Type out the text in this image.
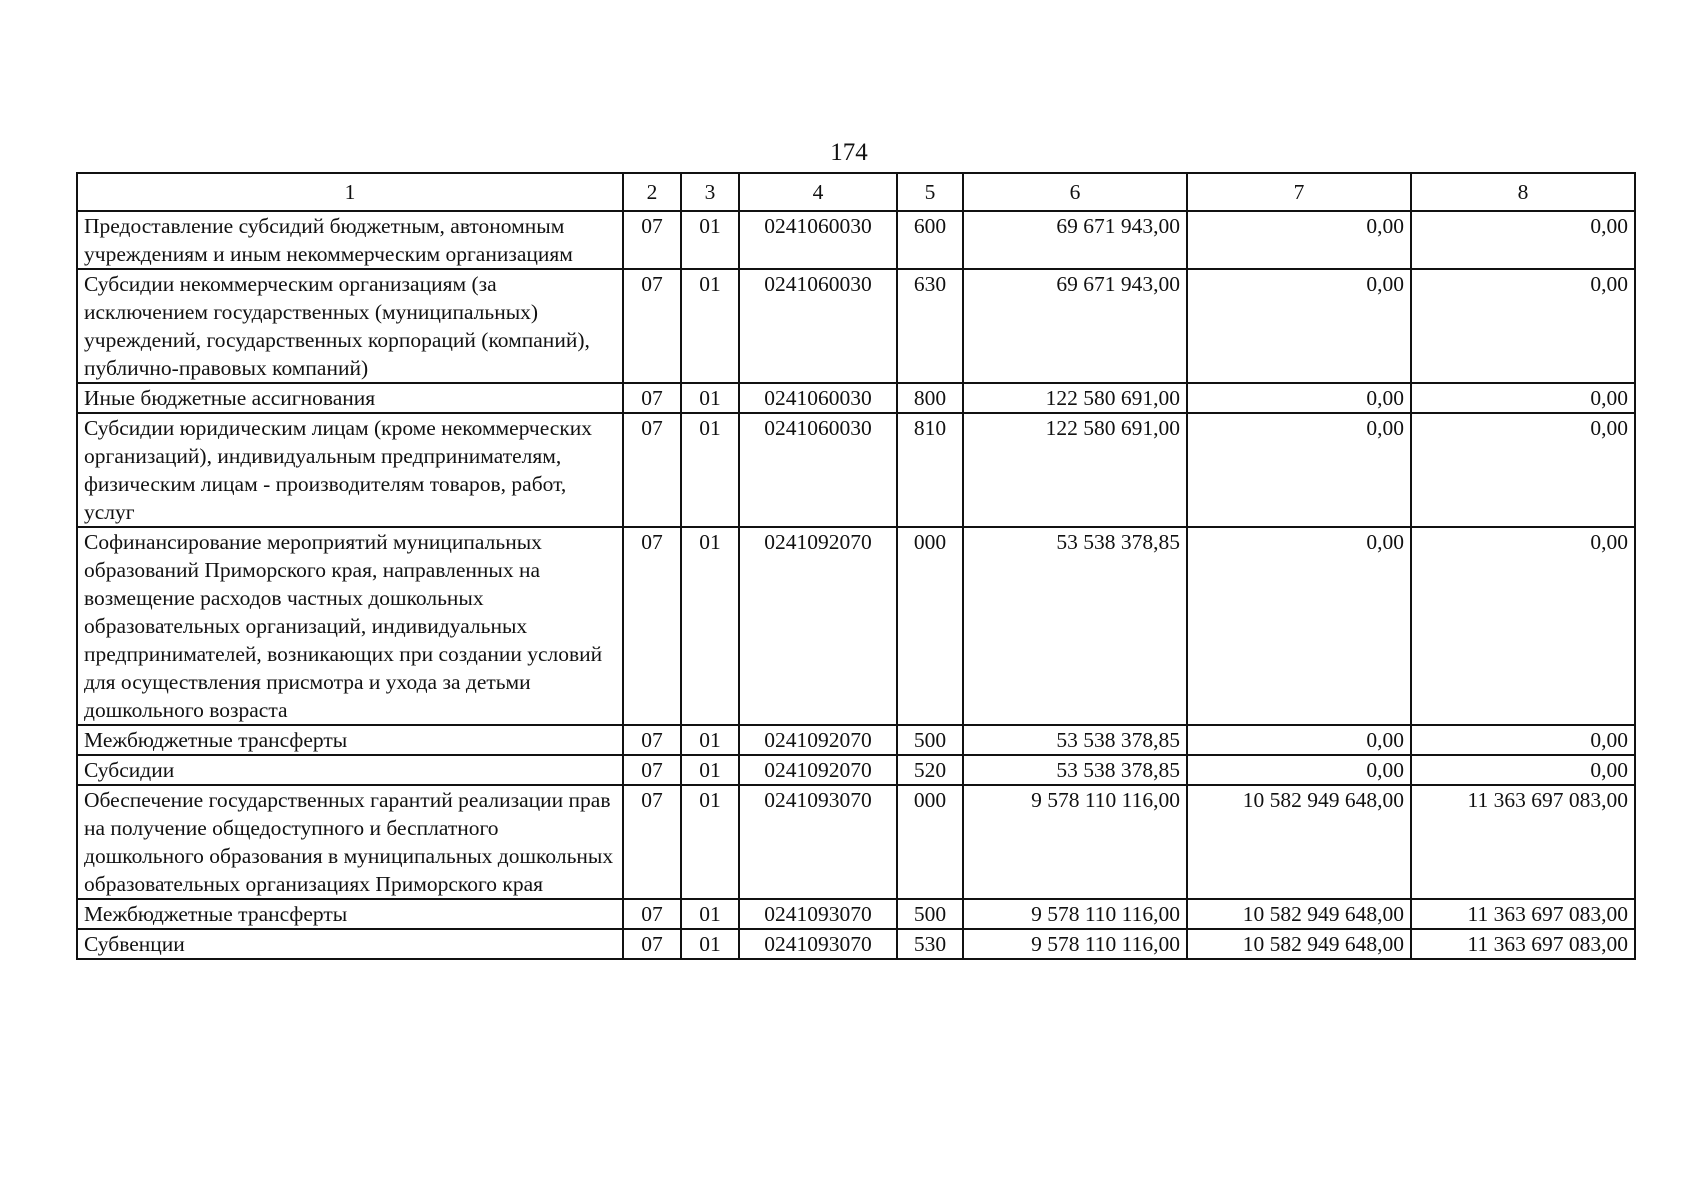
174
1	2	3	4	5	6	7	8
Предоставление субсидий бюджетным, автономным учреждениям и иным некоммерческим организациям	07	01	0241060030	600	69 671 943,00	0,00	0,00
Субсидии некоммерческим организациям (за исключением государственных (муниципальных) учреждений, государственных корпораций (компаний), публично-правовых компаний)	07	01	0241060030	630	69 671 943,00	0,00	0,00
Иные бюджетные ассигнования	07	01	0241060030	800	122 580 691,00	0,00	0,00
Субсидии юридическим лицам (кроме некоммерческих организаций), индивидуальным предпринимателям, физическим лицам - производителям товаров, работ, услуг	07	01	0241060030	810	122 580 691,00	0,00	0,00
Софинансирование мероприятий муниципальных образований Приморского края, направленных на возмещение расходов частных дошкольных образовательных организаций, индивидуальных предпринимателей, возникающих при создании условий для осуществления присмотра и ухода за детьми дошкольного возраста	07	01	0241092070	000	53 538 378,85	0,00	0,00
Межбюджетные трансферты	07	01	0241092070	500	53 538 378,85	0,00	0,00
Субсидии	07	01	0241092070	520	53 538 378,85	0,00	0,00
Обеспечение государственных гарантий реализации прав на получение общедоступного и бесплатного дошкольного образования в муниципальных дошкольных образовательных организациях Приморского края	07	01	0241093070	000	9 578 110 116,00	10 582 949 648,00	11 363 697 083,00
Межбюджетные трансферты	07	01	0241093070	500	9 578 110 116,00	10 582 949 648,00	11 363 697 083,00
Субвенции	07	01	0241093070	530	9 578 110 116,00	10 582 949 648,00	11 363 697 083,00
